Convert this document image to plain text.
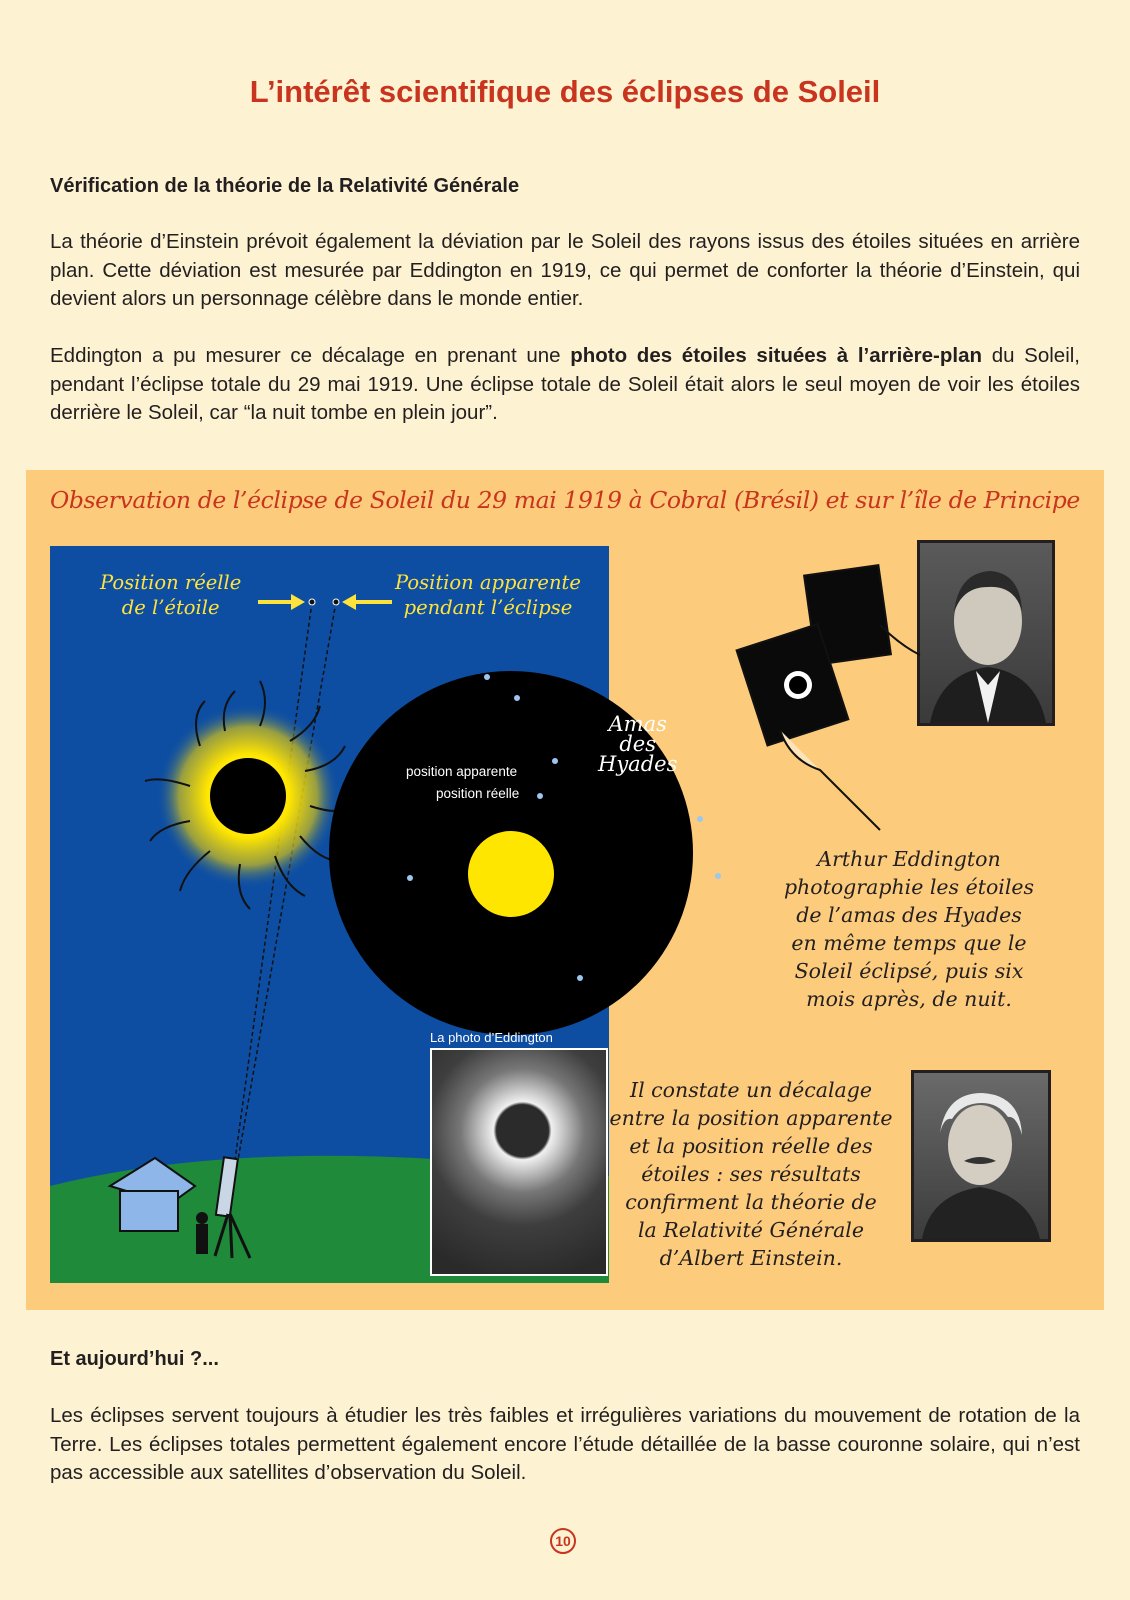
L’intérêt scientifique des éclipses de Soleil
Vérification de la théorie de la Relativité Générale
La théorie d’Einstein prévoit également la déviation par le Soleil des rayons issus des étoiles situées en arrière plan. Cette déviation est mesurée par Eddington en 1919, ce qui permet de conforter la théorie d’Einstein, qui devient alors un personnage célèbre dans le monde entier.
Eddington a pu mesurer ce décalage en prenant une photo des étoiles situées à l’arrière-plan du Soleil, pendant l’éclipse totale du 29 mai 1919. Une éclipse totale de Soleil était alors le seul moyen de voir les étoiles derrière le Soleil, car “la nuit tombe en plein jour”.
Observation de l’éclipse de Soleil du 29 mai 1919 à Cobral (Brésil) et sur l’île de Principe
Position réelle
de l’étoile
Position apparente
pendant l’éclipse
Amas
des
Hyades
position apparente
position réelle
La photo d’Eddington
Arthur Eddington
photographie les étoiles
de l’amas des Hyades
en même temps que le
Soleil éclipsé, puis six
mois après, de nuit.
Il constate un décalage
entre la position apparente
et la position réelle des
étoiles : ses résultats
confirment la théorie de
la Relativité Générale
d’Albert Einstein.
Et aujourd’hui ?...
Les éclipses servent toujours à étudier les très faibles et irrégulières variations du mouvement de rotation de la Terre. Les éclipses totales permettent également encore l’étude détaillée de la basse couronne solaire, qui n’est pas accessible aux satellites d’observation du Soleil.
10
